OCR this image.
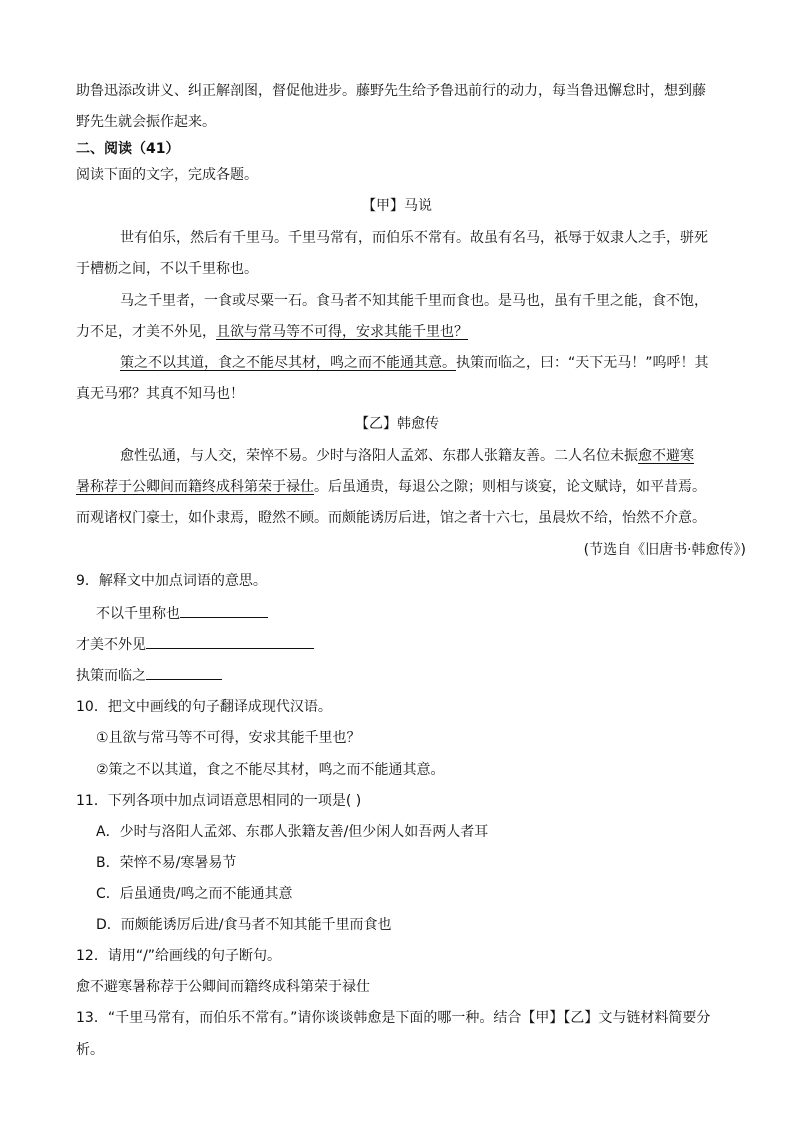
助鲁迅添改讲义、纠正解剖图，督促他进步。藤野先生给予鲁迅前行的动力，每当鲁迅懈怠时，想到藤
野先生就会振作起来。
二、阅读（41）
阅读下面的文字，完成各题。
【甲】马说
世有伯乐，然后有千里马。千里马常有，而伯乐不常有。故虽有名马，祇辱于奴隶人之手，骈死
于槽枥之间，不以千里称也。
马之千里者，一食或尽粟一石。食马者不知其能千里而食也。是马也，虽有千里之能，食不饱，
力不足，才美不外见，且欲与常马等不可得，安求其能千里也？
策之不以其道，食之不能尽其材，鸣之而不能通其意。执策而临之，曰：“天下无马！”呜呼！其
真无马邪？其真不知马也！
【乙】韩愈传
愈性弘通，与人交，荣悴不易。少时与洛阳人孟郊、东郡人张籍友善。二人名位未振愈不避寒
暑称荐于公卿间而籍终成科第荣于禄仕。后虽通贵，每退公之隙；则相与谈宴，论文赋诗，如平昔焉。
而观诸权门豪士，如仆隶焉，瞪然不顾。而颇能诱厉后进，馆之者十六七，虽晨炊不给，怡然不介意。
(节选自《旧唐书·韩愈传》)
9．解释文中加点词语的意思。
不以千里称也
才美不外见
执策而临之
10．把文中画线的句子翻译成现代汉语。
①且欲与常马等不可得，安求其能千里也？
②策之不以其道，食之不能尽其材，鸣之而不能通其意。
11．下列各项中加点词语意思相同的一项是( )
A．少时与洛阳人孟郊、东郡人张籍友善/但少闲人如吾两人者耳
B．荣悴不易/寒暑易节
C．后虽通贵/鸣之而不能通其意
D．而颇能诱厉后进/食马者不知其能千里而食也
12．请用“/”给画线的句子断句。
愈不避寒暑称荐于公卿间而籍终成科第荣于禄仕
13．“千里马常有，而伯乐不常有。”请你谈谈韩愈是下面的哪一种。结合【甲】【乙】文与链材料简要分
析。
